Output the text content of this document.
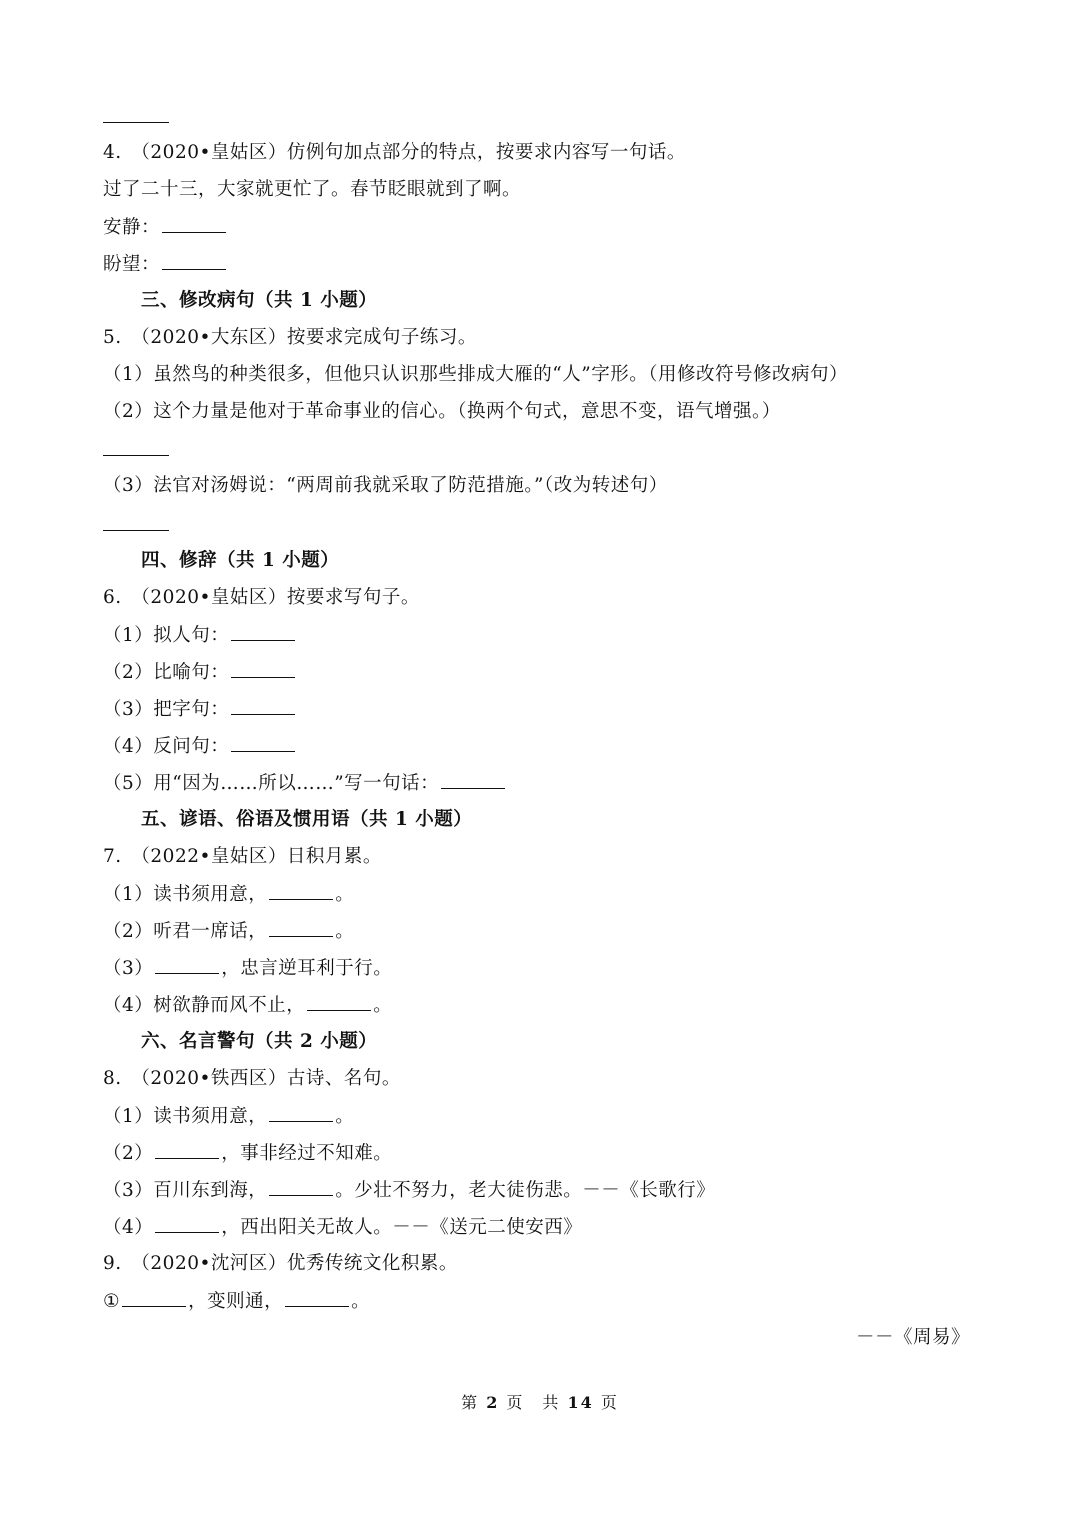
4.　（2020•皇姑区）仿例句加点部分的特点，按要求内容写一句话。
过了二十三，大家就更忙了。春节眨眼就到了啊。
安静：
盼望：
三、修改病句（共 1 小题）
5.　（2020•大东区）按要求完成句子练习。
（1）虽然鸟的种类很多，但他只认识那些排成大雁的“人”字形。（用修改符号修改病句）
（2）这个力量是他对于革命事业的信心。（换两个句式，意思不变，语气增强。）
（3）法官对汤姆说：“两周前我就采取了防范措施。”（改为转述句）
四、修辞（共 1 小题）
6.　（2020•皇姑区）按要求写句子。
（1）拟人句：
（2）比喻句：
（3）把字句：
（4）反问句：
（5）用“因为……所以……”写一句话：
五、谚语、俗语及惯用语（共 1 小题）
7.　（2022•皇姑区）日积月累。
（1）读书须用意，	。
（2）听君一席话，	。
（3）	，忠言逆耳利于行。
（4）树欲静而风不止，	。
六、名言警句（共 2 小题）
8.　（2020•铁西区）古诗、名句。
（1）读书须用意，	。
（2）	，事非经过不知难。
（3）百川东到海，	。少壮不努力，老大徒伤悲。－－《长歌行》
（4）	，西出阳关无故人。－－《送元二使安西》
9.　（2020•沈河区）优秀传统文化积累。
①	，变则通，	。
－－《周易》
第 2 页　共 14 页
